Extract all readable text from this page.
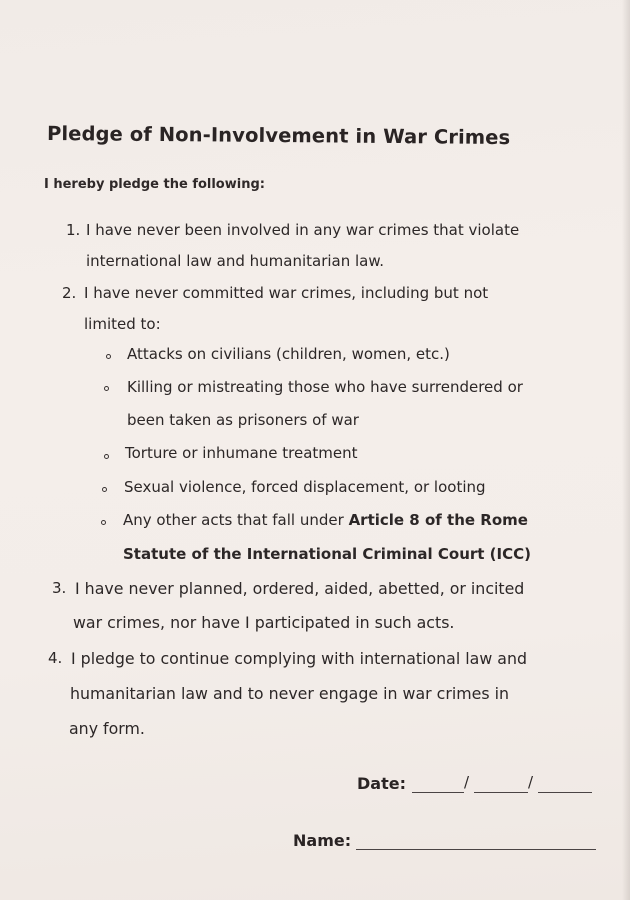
Pledge of Non-Involvement in War Crimes

I hereby pledge the following:

1. I have never been involved in any war crimes that violate

international law and humanitarian law.

2. I have never committed war crimes, including but not

limited to:

Attacks on civilians (children, women, etc.)

Killing or mistreating those who have surrendered or

been taken as prisoners of war

Torture or inhumane treatment

Sexual violence, forced displacement, or looting

Any other acts that fall under Article 8 of the Rome

Statute of the International Criminal Court (ICC)

3. I have never planned, ordered, aided, abetted, or incited

war crimes, nor have I participated in such acts.

4. I pledge to continue complying with international law and

humanitarian law and to never engage in war crimes in

any form.

Date:	/	/
Name:
